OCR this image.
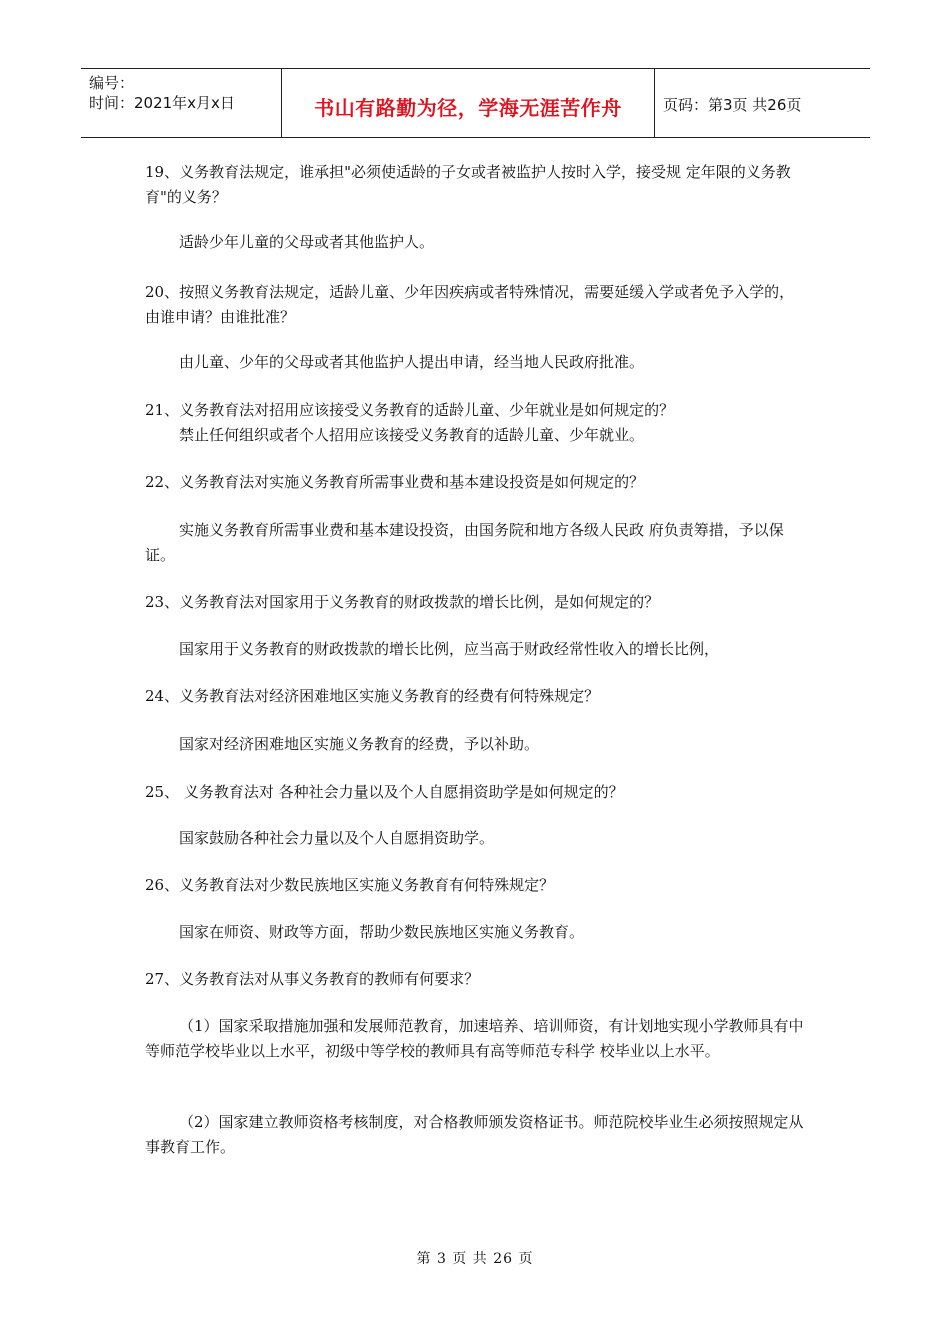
编号：
时间：2021年x月x日	书山有路勤为径，学海无涯苦作舟	页码：第3页 共26页

19、义务教育法规定，谁承担"必须使适龄的子女或者被监护人按时入学，接受规 定年限的义务教育"的义务？

适龄少年儿童的父母或者其他监护人。

20、按照义务教育法规定，适龄儿童、少年因疾病或者特殊情况，需要延缓入学或者免予入学的，由谁申请？由谁批准？

由儿童、少年的父母或者其他监护人提出申请，经当地人民政府批准。

21、义务教育法对招用应该接受义务教育的适龄儿童、少年就业是如何规定的？

禁止任何组织或者个人招用应该接受义务教育的适龄儿童、少年就业。

22、义务教育法对实施义务教育所需事业费和基本建设投资是如何规定的？

实施义务教育所需事业费和基本建设投资，由国务院和地方各级人民政 府负责筹措，予以保证。

23、义务教育法对国家用于义务教育的财政拨款的增长比例，是如何规定的？

国家用于义务教育的财政拨款的增长比例，应当高于财政经常性收入的增长比例，

24、义务教育法对经济困难地区实施义务教育的经费有何特殊规定？

国家对经济困难地区实施义务教育的经费，予以补助。

25、 义务教育法对 各种社会力量以及个人自愿捐资助学是如何规定的？

国家鼓励各种社会力量以及个人自愿捐资助学。

26、义务教育法对少数民族地区实施义务教育有何特殊规定？

国家在师资、财政等方面，帮助少数民族地区实施义务教育。

27、义务教育法对从事义务教育的教师有何要求？

（1）国家采取措施加强和发展师范教育，加速培养、培训师资，有计划地实现小学教师具有中等师范学校毕业以上水平，初级中等学校的教师具有高等师范专科学 校毕业以上水平。

（2）国家建立教师资格考核制度，对合格教师颁发资格证书。师范院校毕业生必须按照规定从事教育工作。

第 3 页 共 26 页
